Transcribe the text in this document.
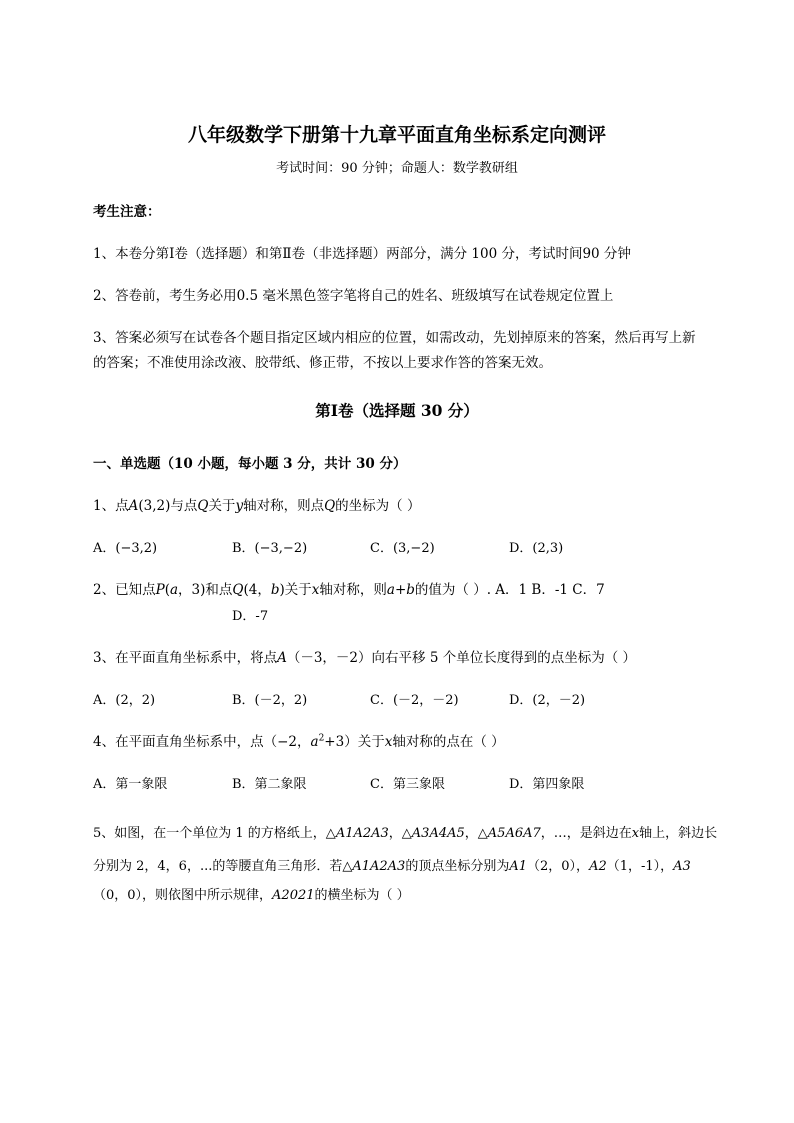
八年级数学下册第十九章平面直角坐标系定向测评
考试时间：90 分钟；命题人：数学教研组
考生注意：
1、本卷分第Ⅰ卷（选择题）和第Ⅱ卷（非选择题）两部分，满分 100 分，考试时间90 分钟
2、答卷前，考生务必用0.5 毫米黑色签字笔将自己的姓名、班级填写在试卷规定位置上
3、答案必须写在试卷各个题目指定区域内相应的位置，如需改动，先划掉原来的答案，然后再写上新
的答案；不准使用涂改液、胶带纸、修正带，不按以上要求作答的答案无效。
第Ⅰ卷（选择题 30 分）
一、单选题（10 小题，每小题 3 分，共计 30 分）
1、点A(3,2)与点Q关于y轴对称，则点Q的坐标为（ ）
A．(−3,2)	B．(−3,−2)	C．(3,−2)	D．(2,3)
2、已知点P(a，3)和点Q(4，b)关于x轴对称，则a+b的值为（ ）. A．1 B．-1 C．7
D．-7
3、在平面直角坐标系中，将点A（－3，－2）向右平移 5 个单位长度得到的点坐标为（ ）
A．(2，2)	B．(－2，2)	C．(－2，－2)	D．(2，－2)
4、在平面直角坐标系中，点（−2，$a^2+3$）关于x轴对称的点在（ ）
A．第一象限	B．第二象限	C．第三象限	D．第四象限
5、如图，在一个单位为 1 的方格纸上，△A1A2A3，△A3A4A5，△A5A6A7，…，是斜边在x轴上，斜边长
分别为 2，4，6，...的等腰直角三角形．若△A1A2A3的顶点坐标分别为A1（2，0），A2（1，-1），A3
（0，0），则依图中所示规律，A2021的横坐标为（ ）
